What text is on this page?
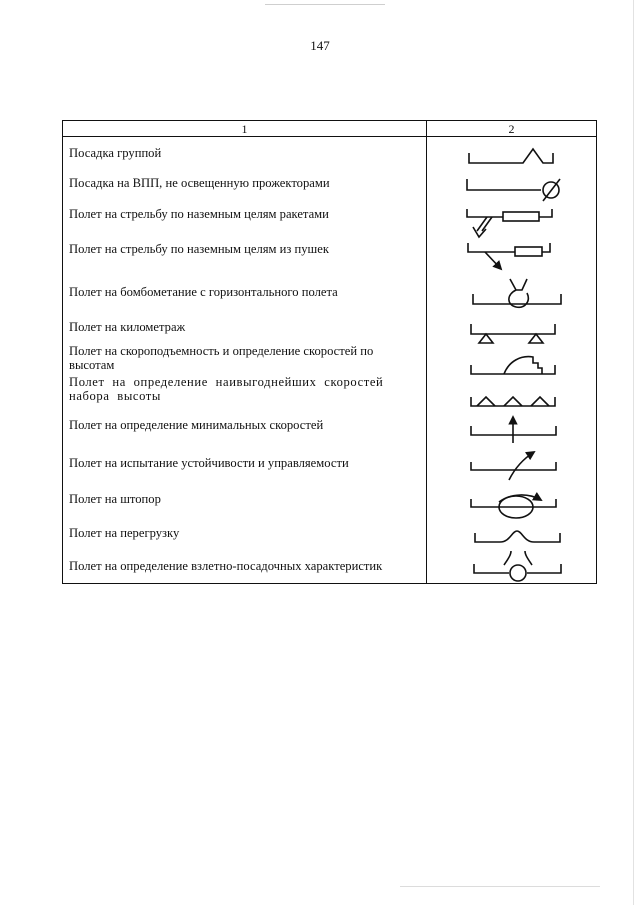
147
1	2
Посадка группой
Посадка на ВПП, не освещенную прожекторами
Полет на стрельбу по наземным целям ракетами
Полет на стрельбу по наземным целям из пушек
Полет на бомбометание с горизонтального полета
Полет на километраж
Полет на скороподъемность и определение скоростей по высотам
Полет на определение наивыгоднейших скоростей набора высоты
Полет на определение минимальных скоростей
Полет на испытание устойчивости и управляемости
Полет на штопор
Полет на перегрузку
Полет на определение взлетно-посадочных характеристик
